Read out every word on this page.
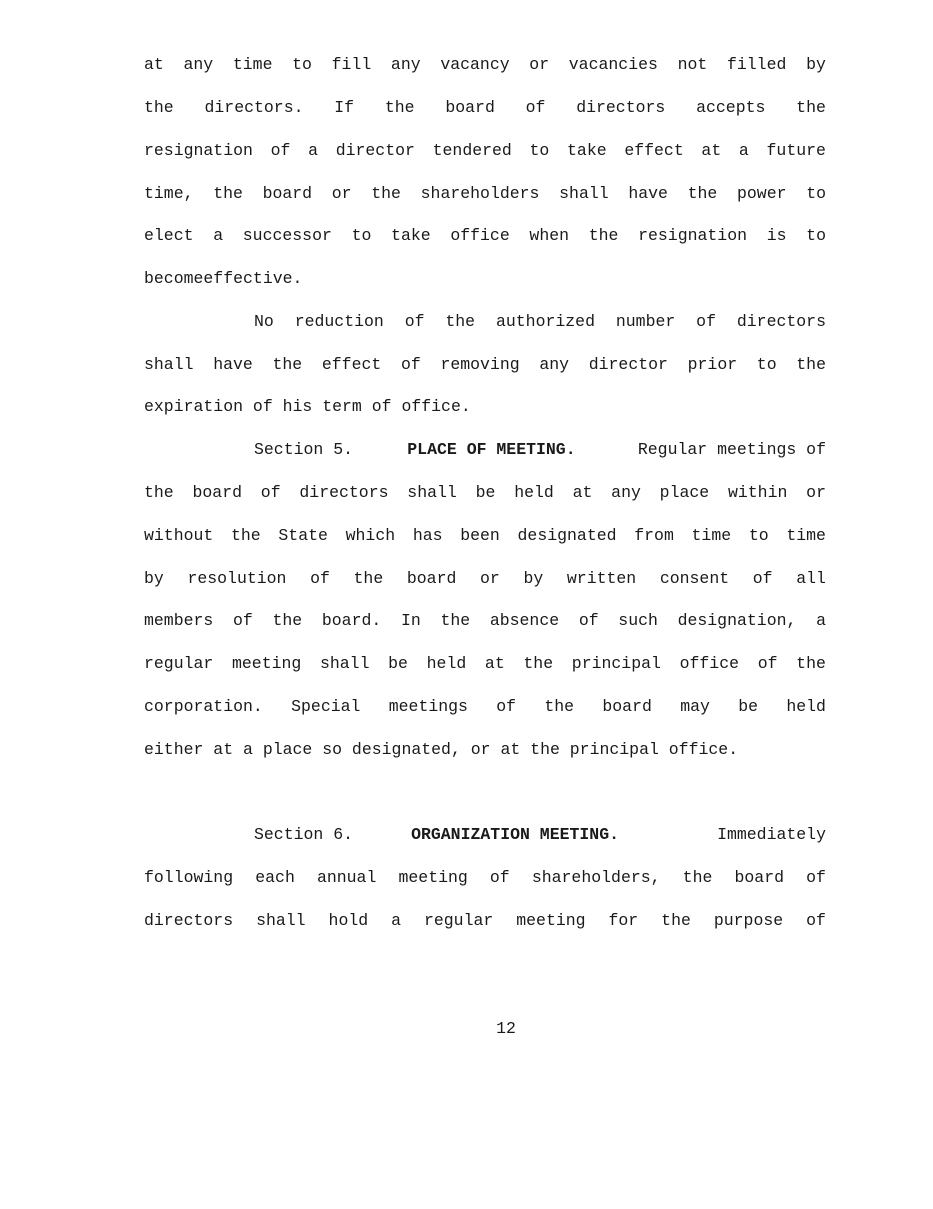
at any time to fill any vacancy or vacancies not filled by
the directors. If the board of directors accepts the
resignation of a director tendered to take effect at a future
time, the board or the shareholders shall have the power to
elect a successor to take office when the resignation is to
becomeeffective.
No reduction of the authorized number of directors
shall have the effect of removing any director prior to the
expiration of his term of office.
Section 5.	PLACE OF MEETING.	Regular meetings of
the board of directors shall be held at any place within or
without the State which has been designated from time to time
by resolution of the board or by written consent of all
members of the board. In the absence of such designation, a
regular meeting shall be held at the principal office of the
corporation. Special meetings of the board may be held
either at a place so designated, or at the principal office.
Section 6.	ORGANIZATION MEETING.	Immediately
following each annual meeting of shareholders, the board of
directors shall hold a regular meeting for the purpose of
12
